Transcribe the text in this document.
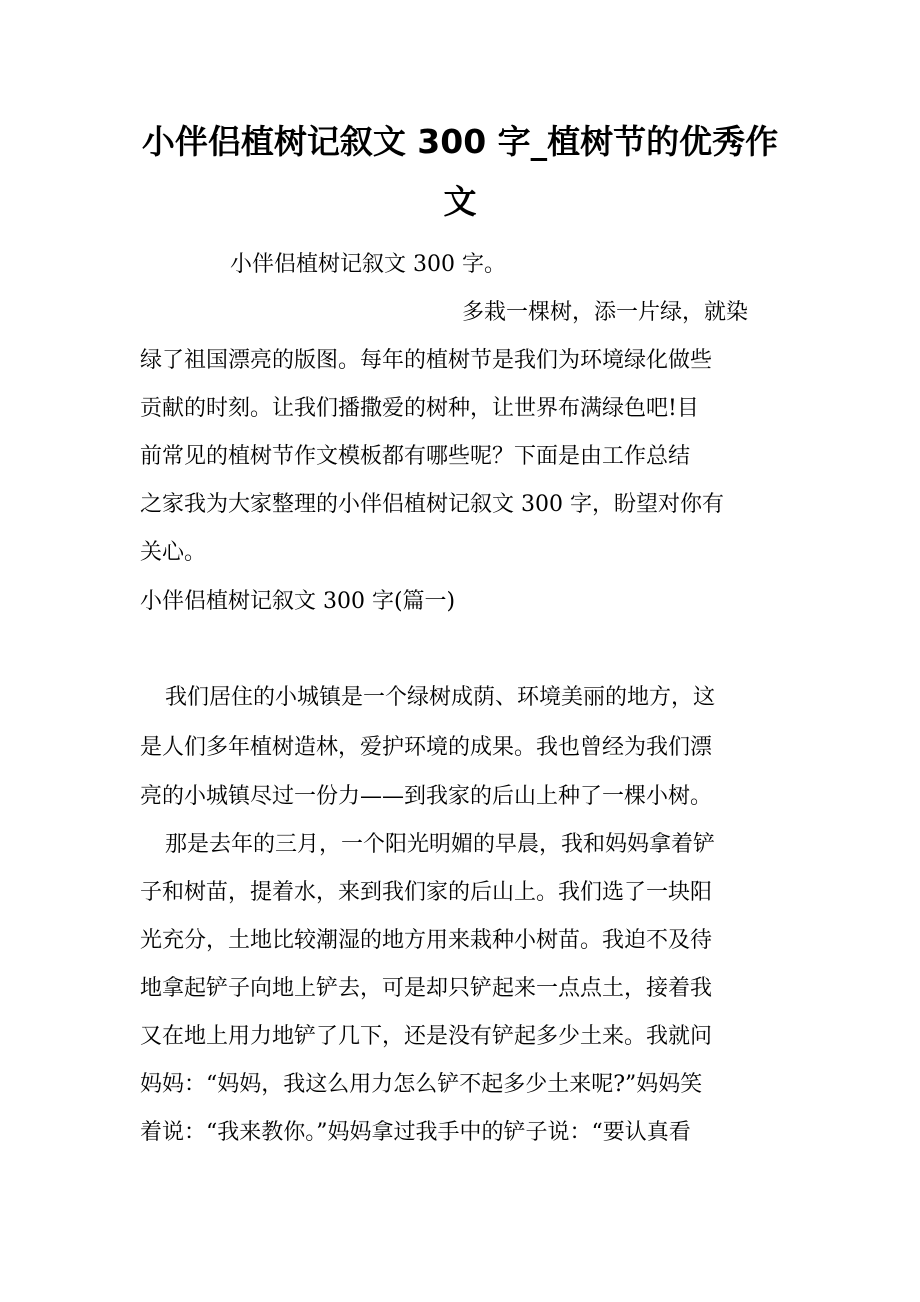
小伴侣植树记叙文 300 字_植树节的优秀作
文
小伴侣植树记叙文 300 字。
多栽一棵树，添一片绿，就染
绿了祖国漂亮的版图。每年的植树节是我们为环境绿化做些
贡献的时刻。让我们播撒爱的树种，让世界布满绿色吧!目
前常见的植树节作文模板都有哪些呢？下面是由工作总结
之家我为大家整理的小伴侣植树记叙文 300 字，盼望对你有
关心。
小伴侣植树记叙文 300 字(篇一)
我们居住的小城镇是一个绿树成荫、环境美丽的地方，这
是人们多年植树造林，爱护环境的成果。我也曾经为我们漂
亮的小城镇尽过一份力——到我家的后山上种了一棵小树。
那是去年的三月，一个阳光明媚的早晨，我和妈妈拿着铲
子和树苗，提着水，来到我们家的后山上。我们选了一块阳
光充分，土地比较潮湿的地方用来栽种小树苗。我迫不及待
地拿起铲子向地上铲去，可是却只铲起来一点点土，接着我
又在地上用力地铲了几下，还是没有铲起多少土来。我就问
妈妈：“妈妈，我这么用力怎么铲不起多少土来呢?”妈妈笑
着说：“我来教你。”妈妈拿过我手中的铲子说：“要认真看
